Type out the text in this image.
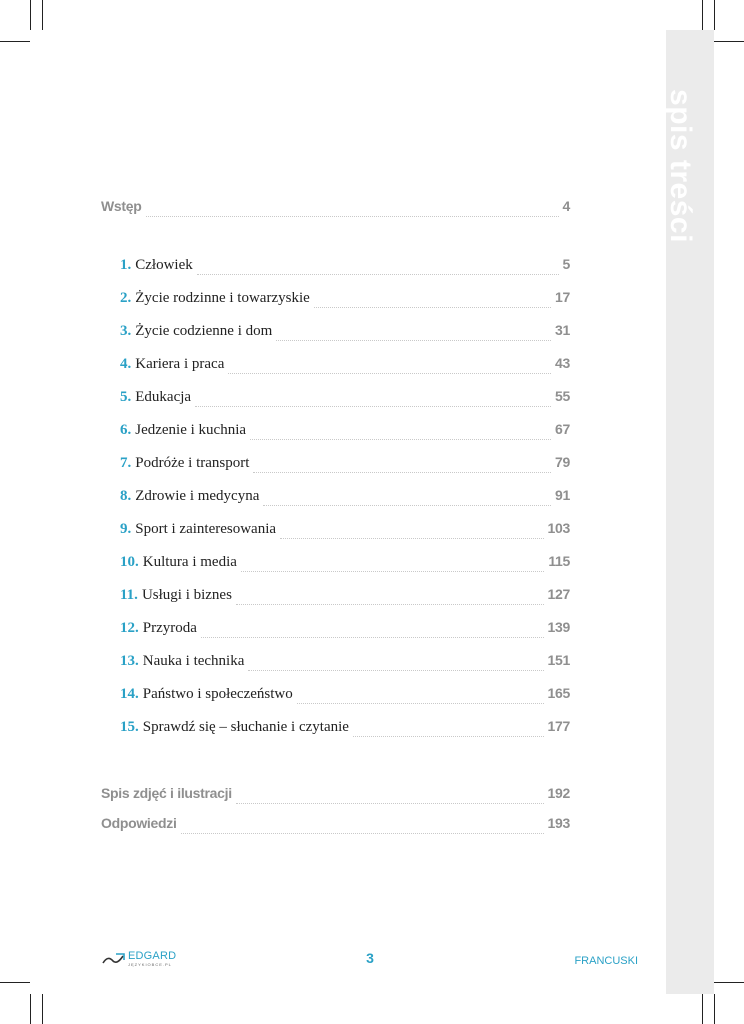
spis treści
Wstęp	4
1. Człowiek	5
2. Życie rodzinne i towarzyskie	17
3. Życie codzienne i dom	31
4. Kariera i praca	43
5. Edukacja	55
6. Jedzenie i kuchnia	67
7. Podróże i transport	79
8. Zdrowie i medycyna	91
9. Sport i zainteresowania	103
10. Kultura i media	115
11. Usługi i biznes	127
12. Przyroda	139
13. Nauka i technika	151
14. Państwo i społeczeństwo	165
15. Sprawdź się – słuchanie i czytanie	177
Spis zdjęć i ilustracji	192
Odpowiedzi	193
EDGARD
JĘZYKIOBCE.PL	3	FRANCUSKI
